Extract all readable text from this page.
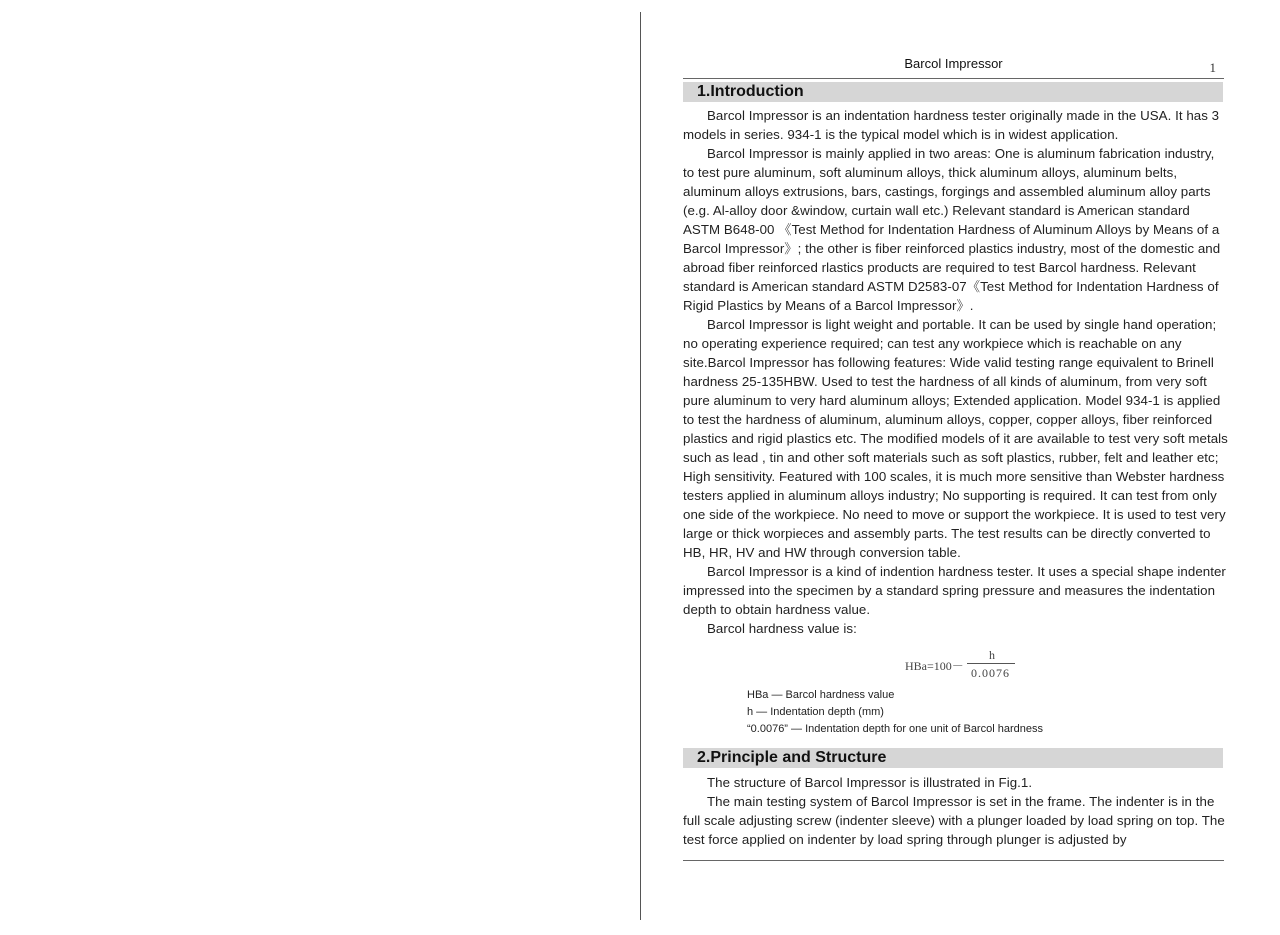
Barcol Impressor	1
1.Introduction

Barcol Impressor is an indentation hardness tester originally made in the USA. It has 3 models in series. 934-1 is the typical model which is in widest application.

Barcol Impressor is mainly applied in two areas: One is aluminum fabrication industry, to test pure aluminum, soft aluminum alloys, thick aluminum alloys, aluminum belts, aluminum alloys extrusions, bars, castings, forgings and assembled aluminum alloy parts (e.g. Al-alloy door &window, curtain wall etc.) Relevant standard is American standard ASTM B648-00 《Test Method for Indentation Hardness of Aluminum Alloys by Means of a Barcol Impressor》; the other is fiber reinforced plastics industry, most of the domestic and abroad fiber reinforced rlastics products are required to test Barcol hardness. Relevant standard is American standard ASTM D2583-07《Test Method for Indentation Hardness of Rigid Plastics by Means of a Barcol Impressor》.

Barcol Impressor is light weight and portable. It can be used by single hand operation; no operating experience required; can test any workpiece which is reachable on any site.Barcol Impressor has following features: Wide valid testing range equivalent to Brinell hardness 25-135HBW. Used to test the hardness of all kinds of aluminum, from very soft pure aluminum to very hard aluminum alloys; Extended application. Model 934-1 is applied to test the hardness of aluminum, aluminum alloys, copper, copper alloys, fiber reinforced plastics and rigid plastics etc. The modified models of it are available to test very soft metals such as lead , tin and other soft materials such as soft plastics, rubber, felt and leather etc; High sensitivity. Featured with 100 scales, it is much more sensitive than Webster hardness testers applied in aluminum alloys industry; No supporting is required. It can test from only one side of the workpiece. No need to move or support the workpiece. It is used to test very large or thick worpieces and assembly parts. The test results can be directly converted to HB, HR, HV and HW through conversion table.

Barcol Impressor is a kind of indention hardness tester. It uses a special shape indenter impressed into the specimen by a standard spring pressure and measures the indentation depth to obtain hardness value.

Barcol hardness value is:

HBa=100－
h
0.0076
HBa — Barcol hardness value
h — Indentation depth (mm)
“0.0076” — Indentation depth for one unit of Barcol hardness
2.Principle and Structure

The structure of Barcol Impressor is illustrated in Fig.1.

The main testing system of Barcol Impressor is set in the frame. The indenter is in the full scale adjusting screw (indenter sleeve) with a plunger loaded by load spring on top. The test force applied on indenter by load spring through plunger is adjusted by
